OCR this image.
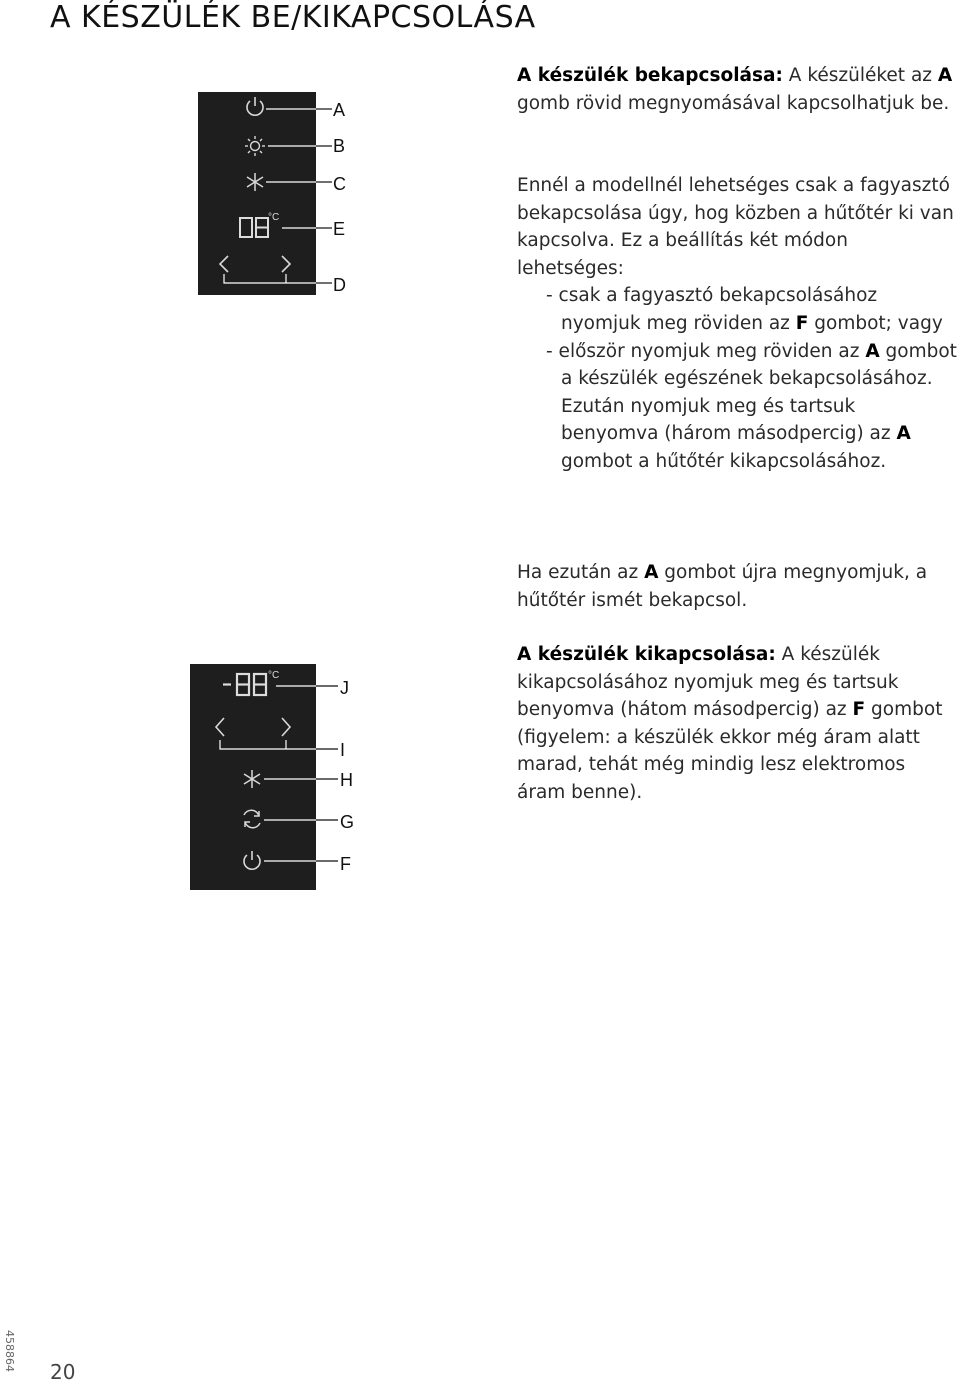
A KÉSZÜLÉK BE/KIKAPCSOLÁSA
°C
A
B
C
E
D
°C
J
I
H
G
F

A készülék bekapcsolása: A készüléket az A gomb rövid megnyomásával kapcsolhatjuk be.

Ennél a modellnél lehetséges csak a fagyasztó bekapcsolása úgy, hog közben a hűtőtér ki van kapcsolva. Ez a beállítás két módon lehetséges:

- csak a fagyasztó bekapcsolásához nyomjuk meg röviden az F gombot; vagy
- először nyomjuk meg röviden az A gombot a készülék egészének bekapcsolásához. Ezután nyomjuk meg és tartsuk benyomva (három másodpercig) az A gombot a hűtőtér kikapcsolásához.

Ha ezután az A gombot újra megnyomjuk, a hűtőtér ismét bekapcsol.

A készülék kikapcsolása: A készülék kikapcsolásához nyomjuk meg és tartsuk benyomva (hátom másodpercig) az F gombot (figyelem: a készülék ekkor még áram alatt marad, tehát még mindig lesz elektromos áram benne).

458864 20
